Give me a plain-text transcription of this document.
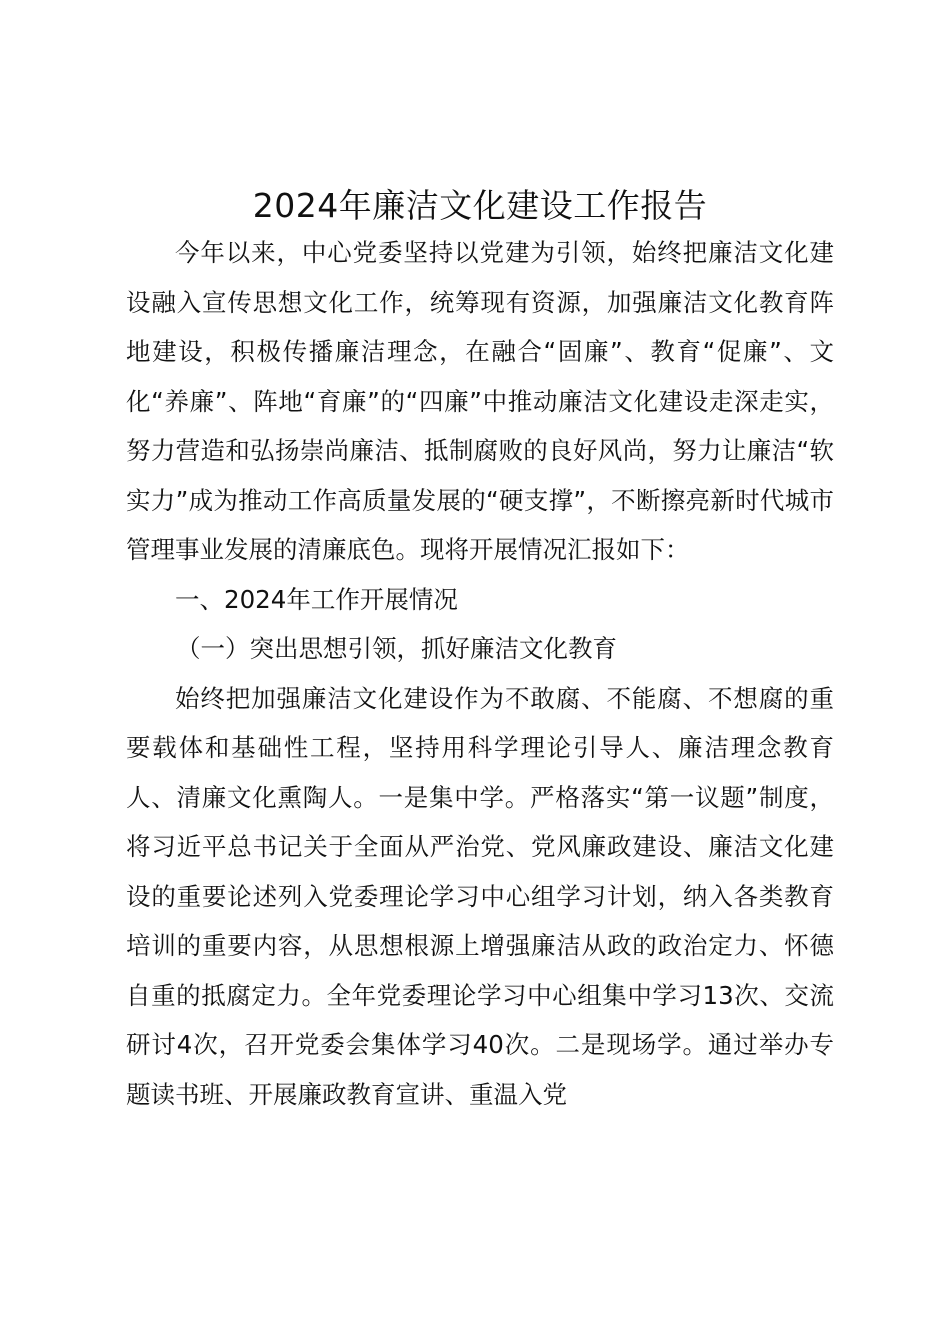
2024年廉洁文化建设工作报告

今年以来，中心党委坚持以党建为引领，始终把廉洁文化建设融入宣传思想文化工作，统筹现有资源，加强廉洁文化教育阵地建设，积极传播廉洁理念，在融合“固廉”、教育“促廉”、文化“养廉”、阵地“育廉”的“四廉”中推动廉洁文化建设走深走实，努力营造和弘扬崇尚廉洁、抵制腐败的良好风尚，努力让廉洁“软实力”成为推动工作高质量发展的“硬支撑”，不断擦亮新时代城市管理事业发展的清廉底色。现将开展情况汇报如下：

一、2024年工作开展情况

（一）突出思想引领，抓好廉洁文化教育

始终把加强廉洁文化建设作为不敢腐、不能腐、不想腐的重要载体和基础性工程，坚持用科学理论引导人、廉洁理念教育人、清廉文化熏陶人。一是集中学。严格落实“第一议题”制度，将习近平总书记关于全面从严治党、党风廉政建设、廉洁文化建设的重要论述列入党委理论学习中心组学习计划，纳入各类教育培训的重要内容，从思想根源上增强廉洁从政的政治定力、怀德自重的抵腐定力。全年党委理论学习中心组集中学习13次、交流研讨4次，召开党委会集体学习40次。二是现场学。通过举办专题读书班、开展廉政教育宣讲、重温入党
